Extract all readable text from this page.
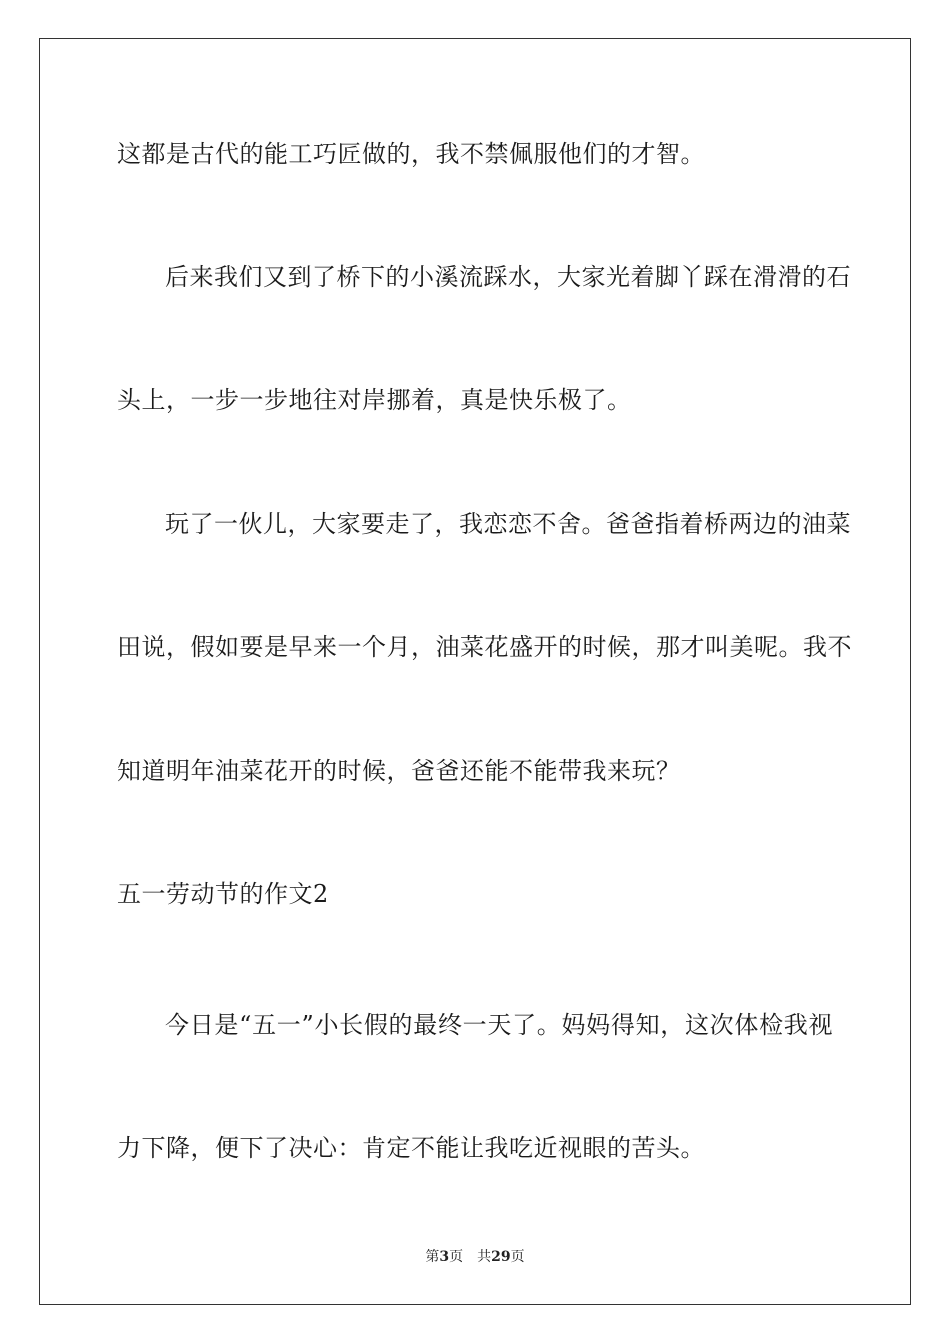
这都是古代的能工巧匠做的，我不禁佩服他们的才智。
后来我们又到了桥下的小溪流踩水，大家光着脚丫踩在滑滑的石
头上，一步一步地往对岸挪着，真是快乐极了。
玩了一伙儿，大家要走了，我恋恋不舍。爸爸指着桥两边的油菜
田说，假如要是早来一个月，油菜花盛开的时候，那才叫美呢。我不
知道明年油菜花开的时候，爸爸还能不能带我来玩？
五一劳动节的作文2
今日是“五一”小长假的最终一天了。妈妈得知，这次体检我视
力下降，便下了决心：肯定不能让我吃近视眼的苦头。
第3页 共29页
